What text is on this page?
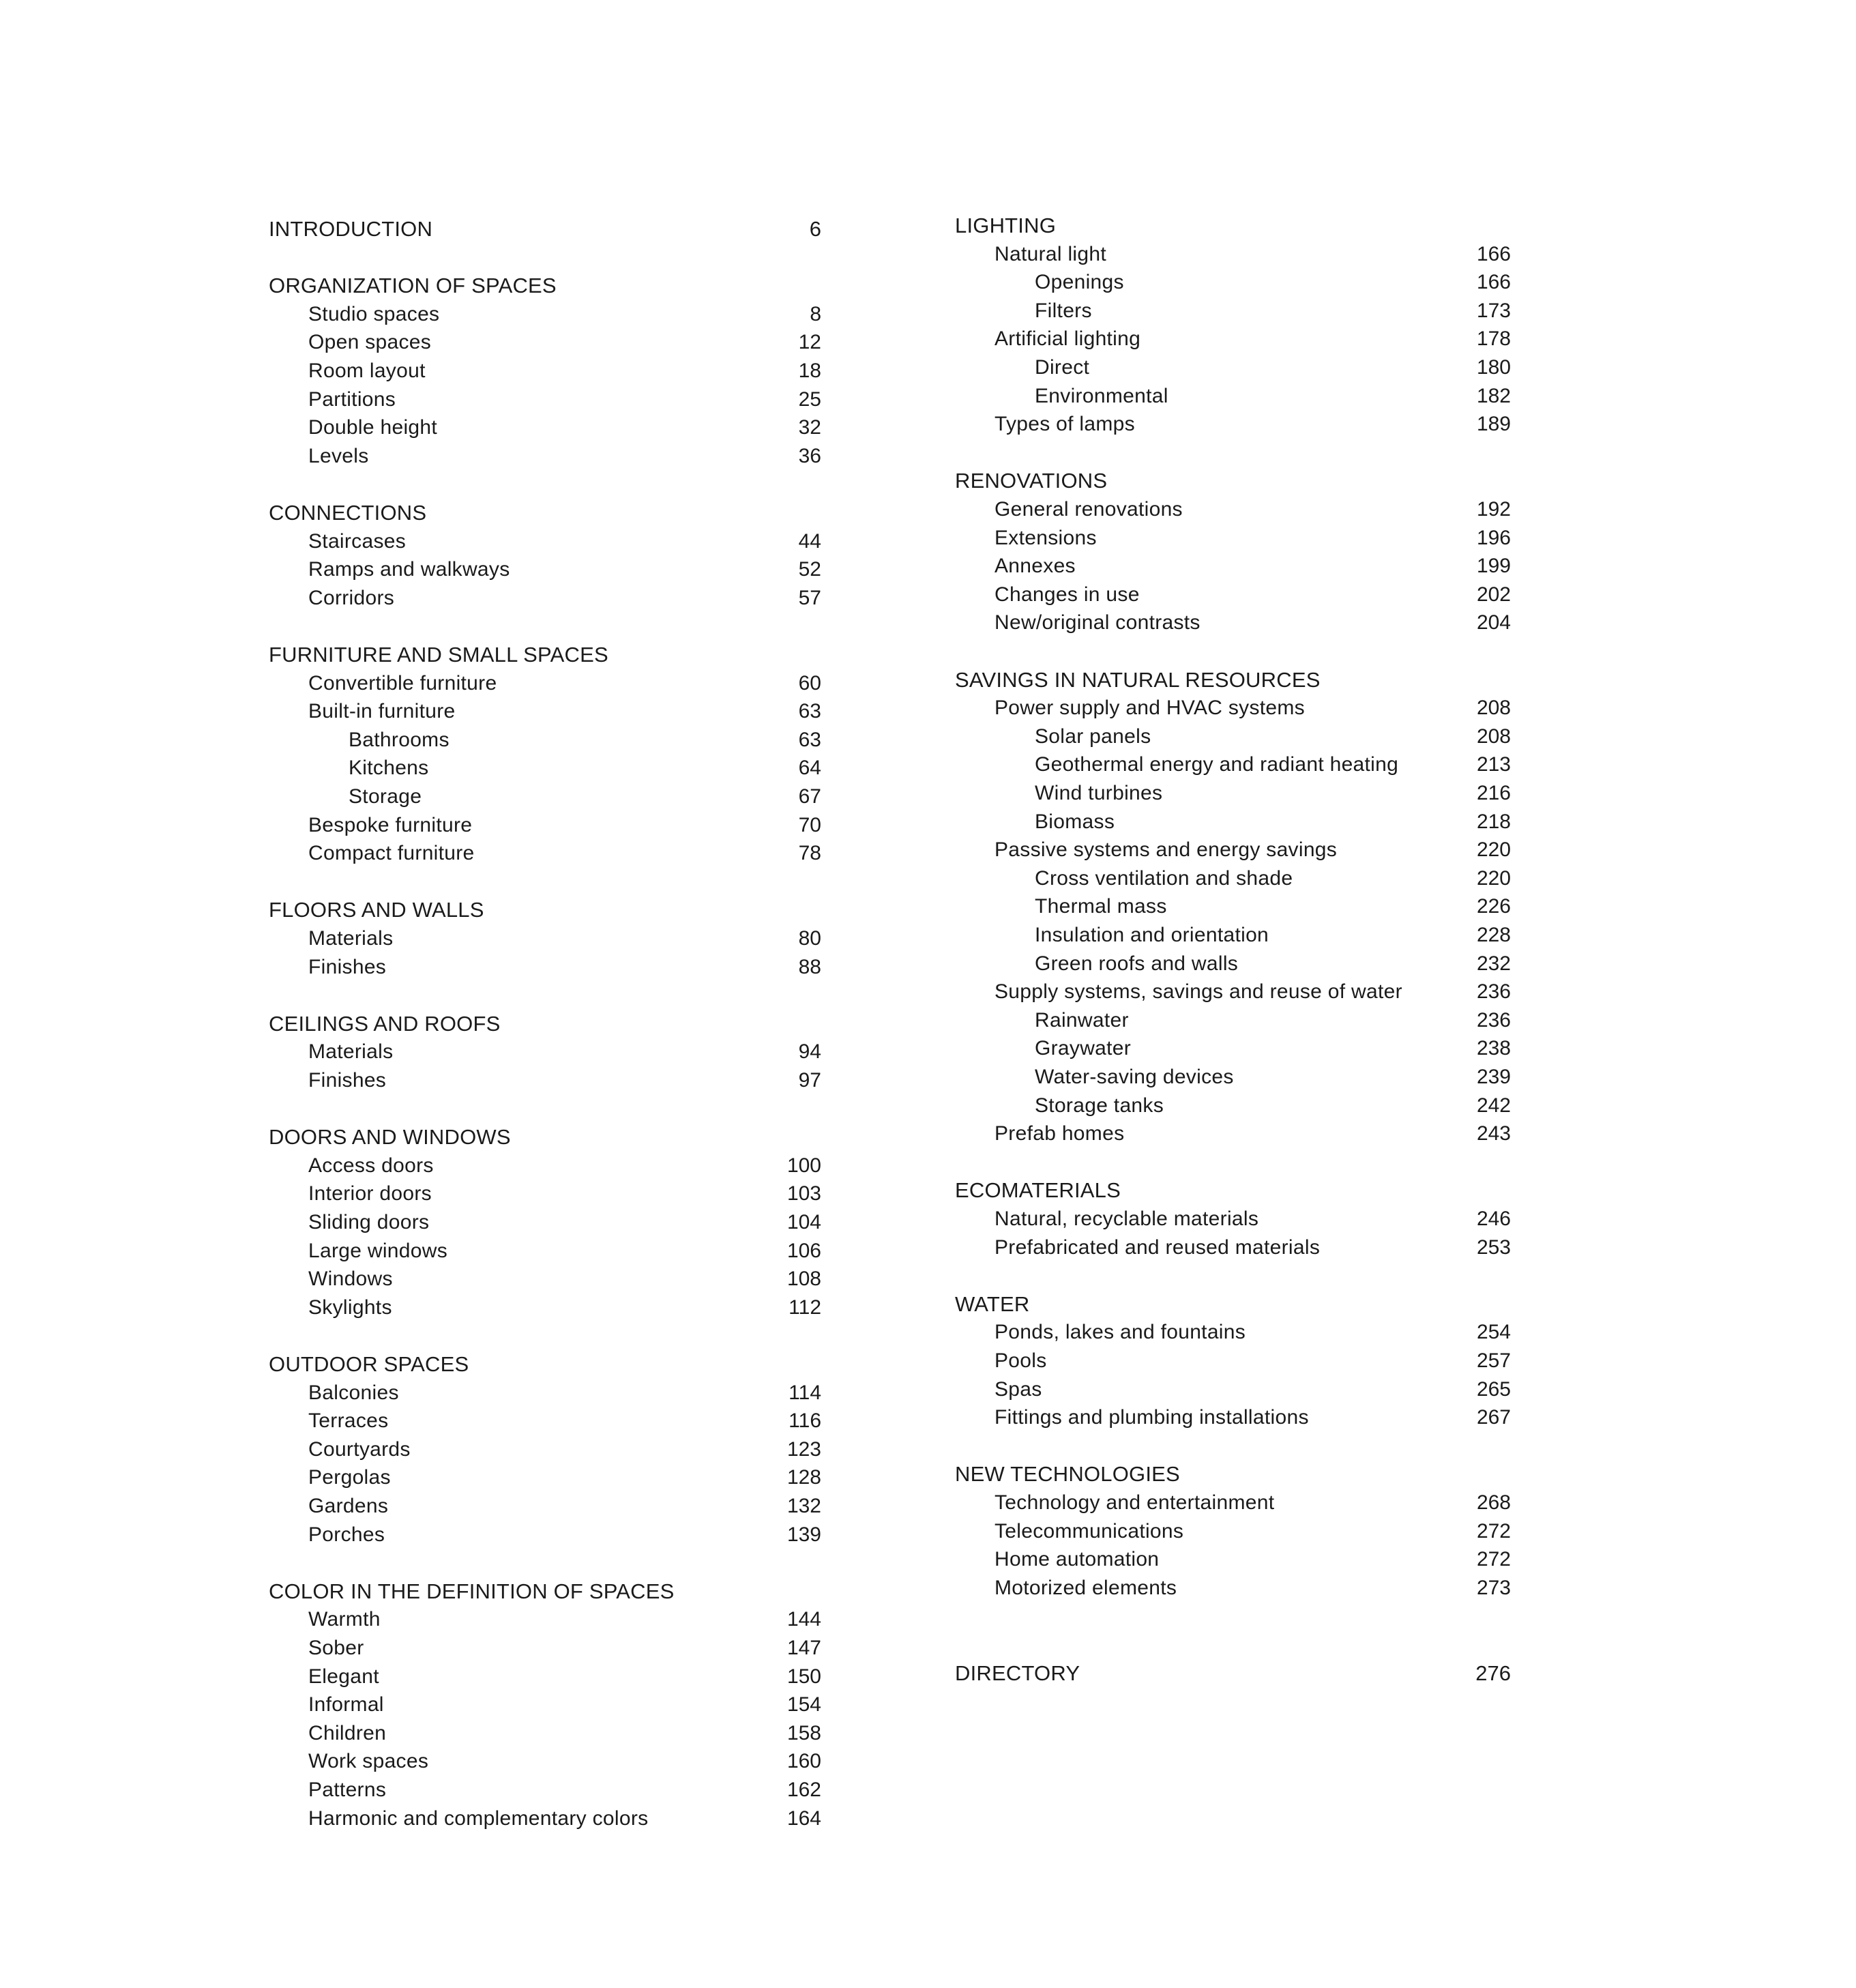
INTRODUCTION	6
ORGANIZATION OF SPACES
Studio spaces	8
Open spaces	12
Room layout	18
Partitions	25
Double height	32
Levels	36
CONNECTIONS
Staircases	44
Ramps and walkways	52
Corridors	57
FURNITURE AND SMALL SPACES
Convertible furniture	60
Built-in furniture	63
Bathrooms	63
Kitchens	64
Storage	67
Bespoke furniture	70
Compact furniture	78
FLOORS AND WALLS
Materials	80
Finishes	88
CEILINGS AND ROOFS
Materials	94
Finishes	97
DOORS AND WINDOWS
Access doors	100
Interior doors	103
Sliding doors	104
Large windows	106
Windows	108
Skylights	112
OUTDOOR SPACES
Balconies	114
Terraces	116
Courtyards	123
Pergolas	128
Gardens	132
Porches	139
COLOR IN THE DEFINITION OF SPACES
Warmth	144
Sober	147
Elegant	150
Informal	154
Children	158
Work spaces	160
Patterns	162
Harmonic and complementary colors	164
LIGHTING
Natural light	166
Openings	166
Filters	173
Artificial lighting	178
Direct	180
Environmental	182
Types of lamps	189
RENOVATIONS
General renovations	192
Extensions	196
Annexes	199
Changes in use	202
New/original contrasts	204
SAVINGS IN NATURAL RESOURCES
Power supply and HVAC systems	208
Solar panels	208
Geothermal energy and radiant heating	213
Wind turbines	216
Biomass	218
Passive systems and energy savings	220
Cross ventilation and shade	220
Thermal mass	226
Insulation and orientation	228
Green roofs and walls	232
Supply systems, savings and reuse of water	236
Rainwater	236
Graywater	238
Water-saving devices	239
Storage tanks	242
Prefab homes	243
ECOMATERIALS
Natural, recyclable materials	246
Prefabricated and reused materials	253
WATER
Ponds, lakes and fountains	254
Pools	257
Spas	265
Fittings and plumbing installations	267
NEW TECHNOLOGIES
Technology and entertainment	268
Telecommunications	272
Home automation	272
Motorized elements	273
DIRECTORY	276
